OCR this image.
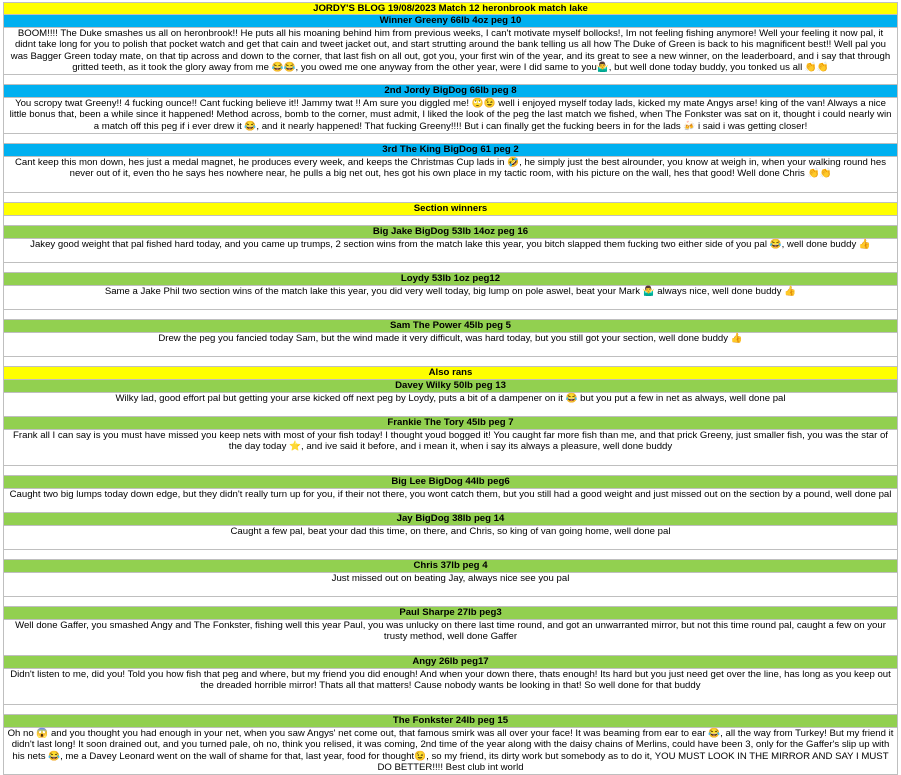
JORDY'S BLOG 19/08/2023 Match 12 heronbrook match lake
Winner Greeny 66lb 4oz peg 10
BOOM!!!! The Duke smashes us all on heronbrook!! He puts all his moaning behind him from previous weeks, I can't motivate myself bollocks!, Im not feeling fishing anymore! Well your feeling it now pal, it didnt take long for you to polish that pocket watch and get that cain and tweet jacket out, and start strutting around the bank telling us all how The Duke of Green is back to his magnificent best!! Well pal you was Bagger Green today mate, on that tip across and down to the corner, that last fish on all out, got you, your first win of the year, and its great to see a new winner, on the leaderboard, and i say that through gritted teeth, as it took the glory away from me 😂😂, you owed me one anyway from the other year, were I did same to you🤷‍♂️, but well done today buddy, you tonked us all 👏👏
2nd Jordy BigDog 66lb peg 8
You scropy twat Greeny!! 4 fucking ounce!! Cant fucking believe it!! Jammy twat !! Am sure you diggled me! 🙄😉 well i enjoyed myself today lads, kicked my mate Angys arse! king of the van! Always a nice little bonus that, been a while since it happened! Method across, bomb to the corner, must admit, I liked the look of the peg the last match we fished, when The Fonkster was sat on it, thought i could nearly win a match off this peg if i ever drew it 😂, and it nearly happened! That fucking Greeny!!!! But i can finally get the fucking beers in for the lads 🍻 i said i was getting closer!
3rd The King BigDog 61 peg 2
Cant keep this mon down, hes just a medal magnet, he produces every week, and keeps the Christmas Cup lads in 🤣, he simply just the best alrounder, you know at weigh in, when your walking round hes never out of it, even tho he says hes nowhere near, he pulls a big net out, hes got his own place in my tactic room, with his picture on the wall, hes that good! Well done Chris 👏👏
Section winners
Big Jake BigDog 53lb 14oz peg 16
Jakey good weight that pal fished hard today, and you came up trumps, 2 section wins from the match lake this year, you bitch slapped them fucking two either side of you pal 😂, well done buddy 👍
Loydy 53lb 1oz peg12
Same a Jake Phil two section wins of the match lake this year, you did very well today, big lump on pole aswel, beat your Mark 🤷‍♂️ always nice, well done buddy 👍
Sam The Power 45lb peg 5
Drew the peg you fancied today Sam, but the wind made it very difficult, was hard today, but you still got your section, well done buddy 👍
Also rans
Davey Wilky 50lb peg 13
Wilky lad, good effort pal but getting your arse kicked off next peg by Loydy, puts a bit of a dampener on it 😂 but you put a few in net as always, well done pal
Frankie The Tory 45lb peg 7
Frank all I can say is you must have missed you keep nets with most of your fish today! I thought youd bogged it! You caught far more fish than me, and that prick Greeny, just smaller fish, you was the star of the day today ⭐, and ive said it before, and i mean it, when i say its always a pleasure, well done buddy
Big Lee BigDog 44lb peg6
Caught two big lumps today down edge, but they didn't really turn up for you, if their not there, you wont catch them, but you still had a good weight and just missed out on the section by a pound, well done pal
Jay BigDog 38lb peg 14
Caught a few pal, beat your dad this time, on there, and Chris, so king of van going home, well done pal
Chris 37lb peg 4
Just missed out on beating Jay, always nice see you pal
Paul Sharpe 27lb peg3
Well done Gaffer, you smashed Angy and The Fonkster, fishing well this year Paul, you was unlucky on there last time round, and got an unwarranted mirror, but not this time round pal, caught a few on your trusty method, well done Gaffer
Angy 26lb peg17
Didn't listen to me, did you! Told you how fish that peg and where, but my friend you did enough! And when your down there, thats enough! Its hard but you just need get over the line, has long as you keep out the dreaded horrible mirror! Thats all that matters! Cause nobody wants be looking in that! So well done for that buddy
The Fonkster 24lb peg 15
Oh no 😱 and you thought you had enough in your net, when you saw Angys' net come out, that famous smirk was all over your face! It was beaming from ear to ear 😂, all the way from Turkey! But my friend it didn't last long! It soon drained out, and you turned pale, oh no, think you relised, it was coming, 2nd time of the year along with the daisy chains of Merlins, could have been 3, only for the Gaffer's slip up with his nets 😂, me a Davey Leonard went on the wall of shame for that, last year, food for thought😉, so my friend, its dirty work but somebody as to do it, YOU MUST LOOK IN THE MIRROR AND SAY I MUST DO BETTER!!!! Best club int world
